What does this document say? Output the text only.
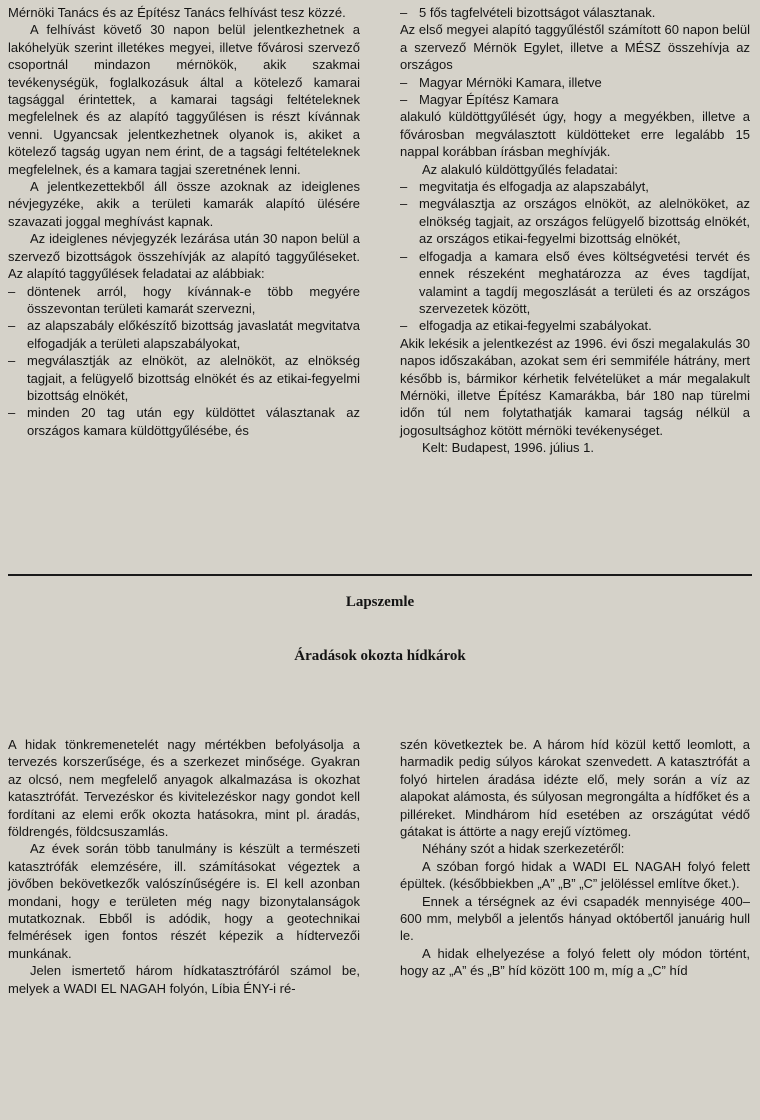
Mérnöki Tanács és az Építész Tanács felhívást tesz közzé.

A felhívást követő 30 napon belül jelentkezhetnek a lakóhelyük szerint illetékes megyei, illetve fővárosi szervező csoportnál mindazon mérnökök, akik szakmai tevékenységük, foglalkozásuk által a kötelező kamarai tagsággal érintettek, a kamarai tagsági feltételeknek megfelelnek és az alapító taggyűlésen is részt kívánnak venni. Ugyancsak jelentkezhetnek olyanok is, akiket a kötelező tagság ugyan nem érint, de a tagsági feltételeknek megfelelnek, és a kamara tagjai szeretnének lenni.

A jelentkezettekből áll össze azoknak az ideiglenes névjegyzéke, akik a területi kamarák alapító ülésére szavazati joggal meghívást kapnak.

Az ideiglenes névjegyzék lezárása után 30 napon belül a szervező bizottságok összehívják az alapító taggyűléseket. Az alapító taggyűlések feladatai az alábbiak:

– döntenek arról, hogy kívánnak-e több megyére összevontan területi kamarát szervezni,

– az alapszabály előkészítő bizottság javaslatát megvitatva elfogadják a területi alapszabályokat,

– megválasztják az elnököt, az alelnököt, az elnökség tagjait, a felügyelő bizottság elnökét és az etikai-fegyelmi bizottság elnökét,

– minden 20 tag után egy küldöttet választanak az országos kamara küldöttgyűlésébe, és

– 5 fős tagfelvételi bizottságot választanak.

Az első megyei alapító taggyűléstől számított 60 napon belül a szervező Mérnök Egylet, illetve a MÉSZ összehívja az országos

– Magyar Mérnöki Kamara, illetve

– Magyar Építész Kamara

alakuló küldöttgyűlését úgy, hogy a megyékben, illetve a fővárosban megválasztott küldötteket erre legalább 15 nappal korábban írásban meghívják.

Az alakuló küldöttgyűlés feladatai:

– megvitatja és elfogadja az alapszabályt,

– megválasztja az országos elnököt, az alelnököket, az elnökség tagjait, az országos felügyelő bizottság elnökét, az országos etikai-fegyelmi bizottság elnökét,

– elfogadja a kamara első éves költségvetési tervét és ennek részeként meghatározza az éves tagdíjat, valamint a tagdíj megoszlását a területi és az országos szervezetek között,

– elfogadja az etikai-fegyelmi szabályokat.

Akik lekésik a jelentkezést az 1996. évi őszi megalakulás 30 napos időszakában, azokat sem éri semmiféle hátrány, mert később is, bármikor kérhetik felvételüket a már megalakult Mérnöki, illetve Építész Kamarákba, bár 180 nap türelmi időn túl nem folytathatják kamarai tagság nélkül a jogosultsághoz kötött mérnöki tevékenységet.

Kelt: Budapest, 1996. július 1.

Lapszemle
Áradások okozta hídkárok

A hidak tönkremenetelét nagy mértékben befolyásolja a tervezés korszerűsége, és a szerkezet minősége. Gyakran az olcsó, nem megfelelő anyagok alkalmazása is okozhat katasztrófát. Tervezéskor és kivitelezéskor nagy gondot kell fordítani az elemi erők okozta hatásokra, mint pl. áradás, földrengés, földcsuszamlás.

Az évek során több tanulmány is készült a természeti katasztrófák elemzésére, ill. számításokat végeztek a jövőben bekövetkezők valószínűségére is. El kell azonban mondani, hogy e területen még nagy bizonytalanságok mutatkoznak. Ebből is adódik, hogy a geotechnikai felmérések igen fontos részét képezik a hídtervezői munkának.

Jelen ismertető három hídkatasztrófáról számol be, melyek a WADI EL NAGAH folyón, Líbia ÉNY-i ré-

szén következtek be. A három híd közül kettő leomlott, a harmadik pedig súlyos károkat szenvedett. A katasztrófát a folyó hirtelen áradása idézte elő, mely során a víz az alapokat alámosta, és súlyosan megrongálta a hídfőket és a pilléreket. Mindhárom híd esetében az országútat védő gátakat is áttörte a nagy erejű víztömeg.

Néhány szót a hidak szerkezetéről:

A szóban forgó hidak a WADI EL NAGAH folyó felett épültek. (későbbiekben „A” „B” „C” jelöléssel említve őket.).

Ennek a térségnek az évi csapadék mennyisége 400–600 mm, melyből a jelentős hányad októbertől januárig hull le.

A hidak elhelyezése a folyó felett oly módon történt, hogy az „A” és „B” híd között 100 m, míg a „C” híd
